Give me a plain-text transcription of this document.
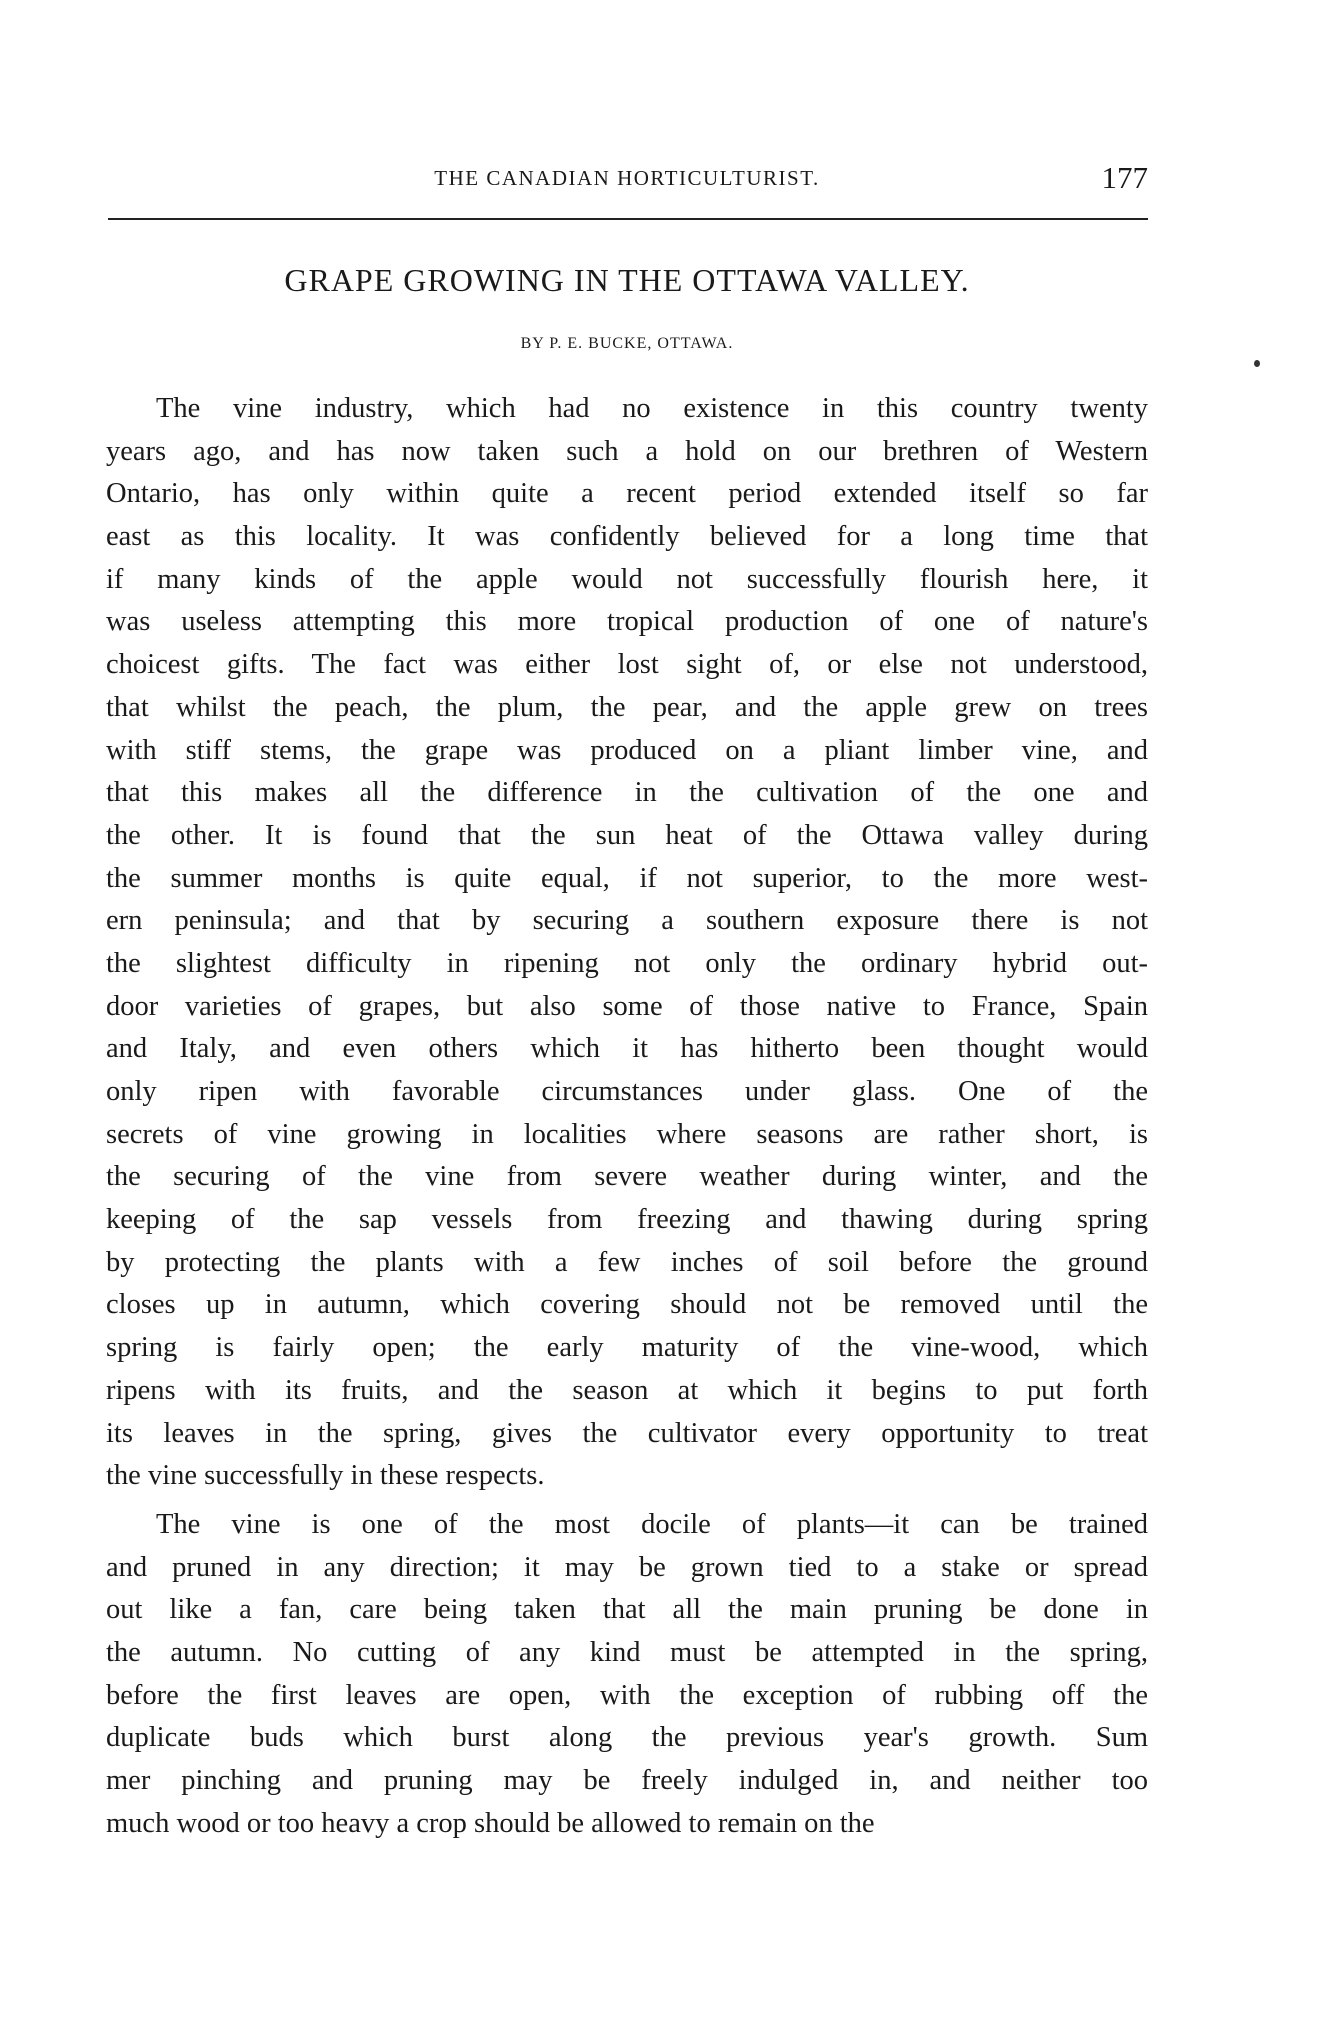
THE CANADIAN HORTICULTURIST.	177
GRAPE GROWING IN THE OTTAWA VALLEY.
BY P. E. BUCKE, OTTAWA.
The vine industry, which had no existence in this country twenty
years ago, and has now taken such a hold on our brethren of Western
Ontario, has only within quite a recent period extended itself so far
east as this locality. It was confidently believed for a long time that
if many kinds of the apple would not successfully flourish here, it
was useless attempting this more tropical production of one of nature's
choicest gifts. The fact was either lost sight of, or else not understood,
that whilst the peach, the plum, the pear, and the apple grew on trees
with stiff stems, the grape was produced on a pliant limber vine, and
that this makes all the difference in the cultivation of the one and
the other. It is found that the sun heat of the Ottawa valley during
the summer months is quite equal, if not superior, to the more west-
ern peninsula; and that by securing a southern exposure there is not
the slightest difficulty in ripening not only the ordinary hybrid out-
door varieties of grapes, but also some of those native to France, Spain
and Italy, and even others which it has hitherto been thought would
only ripen with favorable circumstances under glass. One of the
secrets of vine growing in localities where seasons are rather short, is
the securing of the vine from severe weather during winter, and the
keeping of the sap vessels from freezing and thawing during spring
by protecting the plants with a few inches of soil before the ground
closes up in autumn, which covering should not be removed until the
spring is fairly open; the early maturity of the vine-wood, which
ripens with its fruits, and the season at which it begins to put forth
its leaves in the spring, gives the cultivator every opportunity to treat
the vine successfully in these respects.
The vine is one of the most docile of plants—it can be trained
and pruned in any direction; it may be grown tied to a stake or spread
out like a fan, care being taken that all the main pruning be done in
the autumn. No cutting of any kind must be attempted in the spring,
before the first leaves are open, with the exception of rubbing off the
duplicate buds which burst along the previous year's growth. Sum
mer pinching and pruning may be freely indulged in, and neither too
much wood or too heavy a crop should be allowed to remain on the
